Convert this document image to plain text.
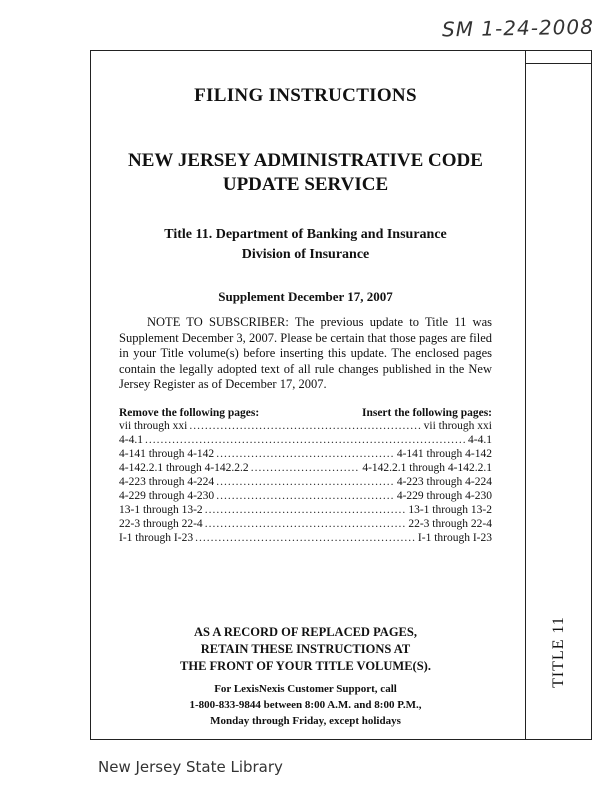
SM 1-24-2008
TITLE 11

FILING INSTRUCTIONS

NEW JERSEY ADMINISTRATIVE CODE
UPDATE SERVICE

Title 11. Department of Banking and Insurance
Division of Insurance
Supplement December 17, 2007
NOTE TO SUBSCRIBER: The previous update to Title 11 was Supplement December 3, 2007. Please be certain that those pages are filed in your Title volume(s) before inserting this update. The enclosed pages contain the legally adopted text of all rule changes published in the New Jersey Register as of December 17, 2007.
Remove the following pages:	Insert the following pages:
vii through xxi .....	vii through xxi
4-4.1 .....	4-4.1
4-141 through 4-142 .....	4-141 through 4-142
4-142.2.1 through 4-142.2.2 .....	4-142.2.1 through 4-142.2.1
4-223 through 4-224 .....	4-223 through 4-224
4-229 through 4-230 .....	4-229 through 4-230
13-1 through 13-2 .....	13-1 through 13-2
22-3 through 22-4 .....	22-3 through 22-4
I-1 through I-23 .....	I-1 through I-23
AS A RECORD OF REPLACED PAGES,
RETAIN THESE INSTRUCTIONS AT
THE FRONT OF YOUR TITLE VOLUME(S).
For LexisNexis Customer Support, call
1-800-833-9844 between 8:00 A.M. and 8:00 P.M.,
Monday through Friday, except holidays
New Jersey State Library
